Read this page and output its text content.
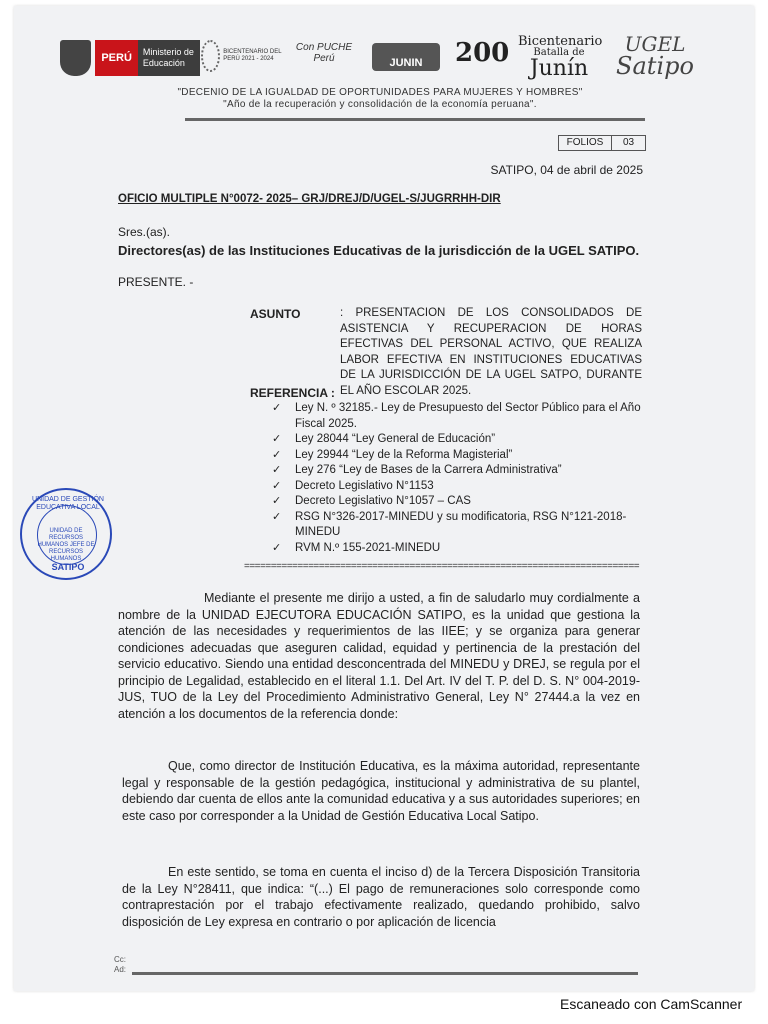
PERÚ	Ministerio de Educación
BICENTENARIO DEL PERÚ 2021 - 2024
Con PUCHE Perú	JUNIN	200 Bicentenario
Batalla de
Junín
UGEL
Satipo
"DECENIO DE LA IGUALDAD DE OPORTUNIDADES PARA MUJERES Y HOMBRES"
"Año de la recuperación y consolidación de la economía peruana".
FOLIOS	03
SATIPO, 04 de abril de 2025
OFICIO MULTIPLE N°0072- 2025– GRJ/DREJ/D/UGEL-S/JUGRRHH-DIR
Sres.(as).
Directores(as) de las Instituciones Educativas de la jurisdicción de la UGEL SATIPO.
PRESENTE. -
ASUNTO	: PRESENTACION DE LOS CONSOLIDADOS DE ASISTENCIA Y RECUPERACION DE HORAS EFECTIVAS DEL PERSONAL ACTIVO, QUE REALIZA LABOR EFECTIVA EN INSTITUCIONES EDUCATIVAS DE LA JURISDICCIÓN DE LA UGEL SATPO, DURANTE EL AÑO ESCOLAR 2025.
REFERENCIA :
✓ Ley N. º 32185.- Ley de Presupuesto del Sector Público para el Año Fiscal 2025.
✓ Ley 28044 “Ley General de Educación”
✓ Ley 29944 “Ley de la Reforma Magisterial”
✓ Ley 276 “Ley de Bases de la Carrera Administrativa”
✓ Decreto Legislativo N°1153
✓ Decreto Legislativo N°1057 – CAS
✓ RSG N°326-2017-MINEDU y su modificatoria, RSG N°121-2018-MINEDU
✓ RVM N.º 155-2021-MINEDU
==========================================================================
UNIDAD DE GESTIÓN EDUCATIVA LOCAL
UNIDAD DE RECURSOS HUMANOS JEFE DE RECURSOS HUMANOS
SATIPO
Mediante el presente me dirijo a usted, a fin de saludarlo muy cordialmente a nombre de la UNIDAD EJECUTORA EDUCACIÓN SATIPO, es la unidad que gestiona la atención de las necesidades y requerimientos de las IIEE; y se organiza para generar condiciones adecuadas que aseguren calidad, equidad y pertinencia de la prestación del servicio educativo. Siendo una entidad desconcentrada del MINEDU y DREJ, se regula por el principio de Legalidad, establecido en el literal 1.1. Del Art. IV del T. P. del D. S. N° 004-2019-JUS, TUO de la Ley del Procedimiento Administrativo General, Ley N° 27444.a la vez en atención a los documentos de la referencia donde:
Que, como director de Institución Educativa, es la máxima autoridad, representante legal y responsable de la gestión pedagógica, institucional y administrativa de su plantel, debiendo dar cuenta de ellos ante la comunidad educativa y a sus autoridades superiores; en este caso por corresponder a la Unidad de Gestión Educativa Local Satipo.
En este sentido, se toma en cuenta el inciso d) de la Tercera Disposición Transitoria de la Ley N°28411, que indica: “(...) El pago de remuneraciones solo corresponde como contraprestación por el trabajo efectivamente realizado, quedando prohibido, salvo disposición de Ley expresa en contrario o por aplicación de licencia
Cc:
Ad:
Escaneado con CamScanner
